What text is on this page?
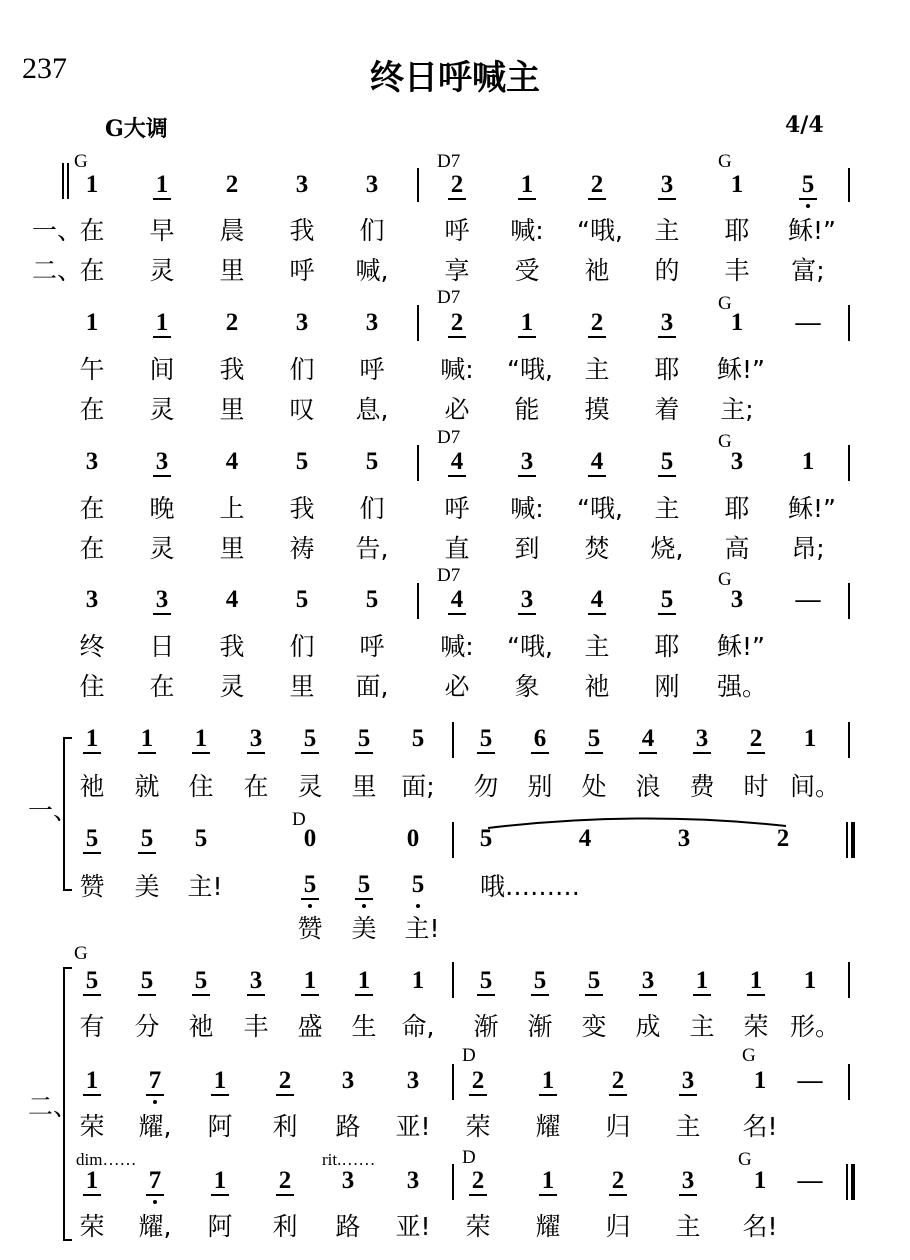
237	终日呼喊主
G大调	4/4
G	D7	G
一、
二、
D7	G
D7	G
D7	G
一、	D
G
二、
D	G
dim……	rit.……	D	G
1	1	2	3	3	2	1	2	3	1	5
在	早	晨	我	们	呼	喊: “哦, 主	耶	稣!”
在	灵	里	呼	喊, 享	受	祂	的	丰	富;
1	1	2	3	3	2	1	2	3	1	—
午	间	我	们	呼	喊: “哦, 主	耶	稣!”
在	灵	里	叹	息, 必	能	摸	着	主;
3	3	4	5	5	4	3	4	5	3	1
在	晚	上	我	们	呼	喊: “哦, 主	耶	稣!”
在	灵	里	祷	告, 直	到	焚	烧, 高	昂;
3	3	4	5	5	4	3	4	5	3	—
终	日	我	们	呼	喊: “哦, 主	耶	稣!”
住	在	灵	里	面, 必	象	祂	刚	强。
1	1	1	3	5	5	5	5	6	5	4	3	2	1
祂	就	住	在	灵	里 面; 勿	别	处	浪	费	时 间。
5	5	5	0	0	5	4	3	2
赞	美	主!	5	5	5	哦………
赞	美	主!
5	5	5	3	1	1	1	5	5	5	3	1	1	1
有	分	祂	丰	盛	生	命, 渐	渐	变	成	主	荣 形。
1	7	1	2	3	3	2	1	2	3	1	—
荣	耀, 阿	利	路	亚! 荣	耀	归	主	名!
1	7	1	2	3	3	2	1	2	3	1	—
荣	耀, 阿	利	路	亚! 荣	耀	归	主	名!
